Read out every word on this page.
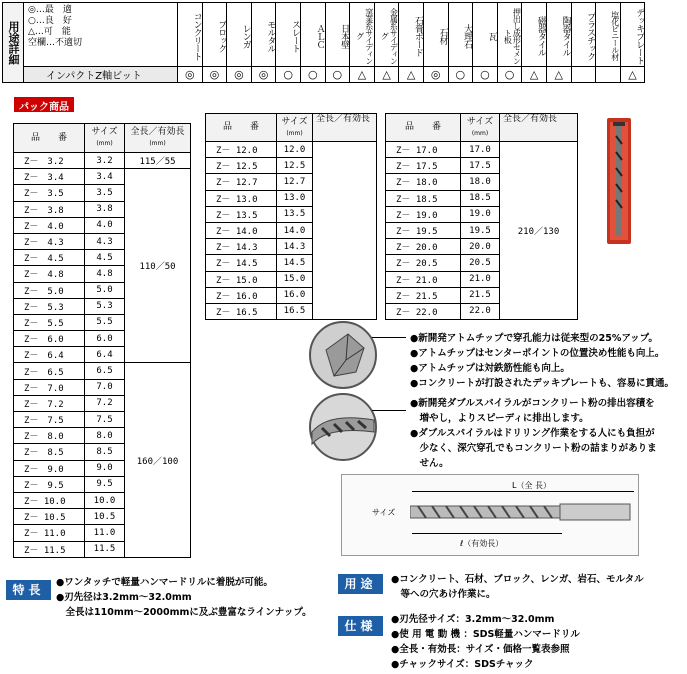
用途詳細	◎…最　適
○…良　好
△…可　能
空欄…不適切	コンクリート	ブロック	レンガ	モルタル	スレート	ＡＬＣ	日本壁	窯業系サイディング	金属系サイディング	石膏ボード	石材	大理石	瓦	押出し成形セメント板	磁器タイル	陶器タイル	プラスチック	塩化ビニール材	デッキプレート
	インパクトZ軸ビット	◎	◎	◎	◎	○	○	○	△	△	△	◎	○	○	○	△	△			△
パック商品
品　　番	サイズ
(mm)	全長／有効長
(mm)

Z－　3.2	3.2	115／55
Z－　3.4	3.4	110／50
Z－　3.5	3.5	
Z－　3.8	3.8	
Z－　4.0	4.0	
Z－　4.3	4.3	
Z－　4.5	4.5	
Z－　4.8	4.8	
Z－　5.0	5.0	
Z－　5.3	5.3	
Z－　5.5	5.5	
Z－　6.0	6.0	
Z－　6.4	6.4	
Z－　6.5	6.5	160／100
Z－　7.0	7.0	
Z－　7.2	7.2	
Z－　7.5	7.5	
Z－　8.0	8.0	
Z－　8.5	8.5	
Z－　9.0	9.0	
Z－　9.5	9.5	
Z－ 10.0	10.0	
Z－ 10.5	10.5	
Z－ 11.0	11.0	
Z－ 11.5	11.5	
品　　番	サイズ
(mm)	全長／有効長
Z－ 12.0	12.0	
Z－ 12.5	12.5	
Z－ 12.7	12.7	
Z－ 13.0	13.0	
Z－ 13.5	13.5	
Z－ 14.0	14.0	
Z－ 14.3	14.3	
Z－ 14.5	14.5	
Z－ 15.0	15.0	
Z－ 16.0	16.0	
Z－ 16.5	16.5	
品　　番	サイズ
(mm)	全長／有効長
Z－ 17.0	17.0	210／130
Z－ 17.5	17.5	
Z－ 18.0	18.0	
Z－ 18.5	18.5	
Z－ 19.0	19.0	
Z－ 19.5	19.5	
Z－ 20.0	20.0	
Z－ 20.5	20.5	
Z－ 21.0	21.0	
Z－ 21.5	21.5	
Z－ 22.0	22.0	
●新開発アトムチップで穿孔能力は従来型の25%アップ。
●アトムチップはセンターポイントの位置決め性能も向上。
●アトムチップは対鉄筋性能も向上。
●コンクリートが打設されたデッキプレートも、容易に貫通。
●新開発ダブルスパイラルがコンクリート粉の排出容積を
　増やし，よりスピーディに排出します。
●ダブルスパイラルはドリリング作業をする人にも負担が
　少なく、深穴穿孔でもコンクリート粉の詰まりがありま
　せん。
L（全 長）
サイズ
ℓ（有効長）
特長
●ワンタッチで軽量ハンマードリルに着脱が可能。
●刃先径は3.2mm～32.0mm
　全長は110mm～2000mmに及ぶ豊富なラインナップ。
用途	●コンクリート、石材、ブロック、レンガ、岩石、モルタル
　等への穴あけ作業に。
仕様	●刃先径サイズ：3.2mm～32.0mm
●使 用 電 動 機 ：SDS軽量ハンマードリル
●全長・有効長：サイズ・価格一覧表参照
●チャックサイズ：SDSチャック
